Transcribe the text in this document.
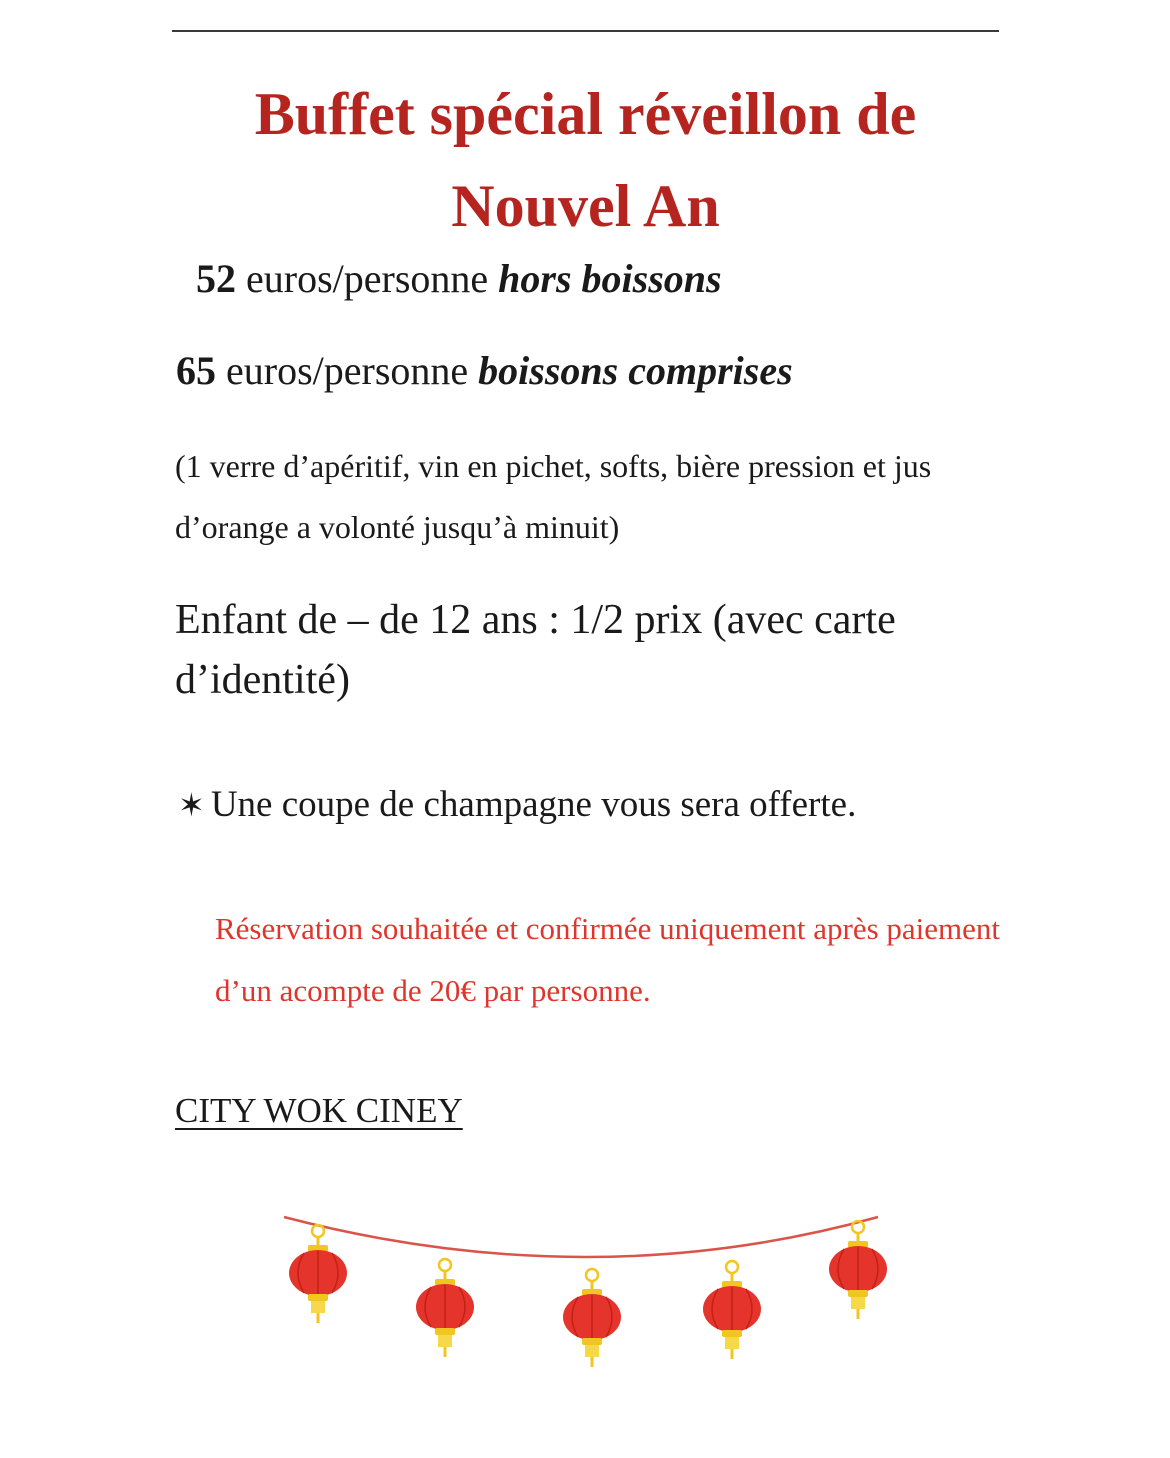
Buffet spécial réveillon de Nouvel An
52 euros/personne hors boissons
65 euros/personne boissons comprises
(1 verre d’apéritif, vin en pichet, softs, bière pression et jus d’orange a volonté jusqu’à minuit)
Enfant de – de 12 ans : 1/2 prix (avec carte d’identité)
✶ Une coupe de champagne vous sera offerte.
Réservation souhaitée et confirmée uniquement après paiement d’un acompte de 20€ par personne.
CITY WOK CINEY
